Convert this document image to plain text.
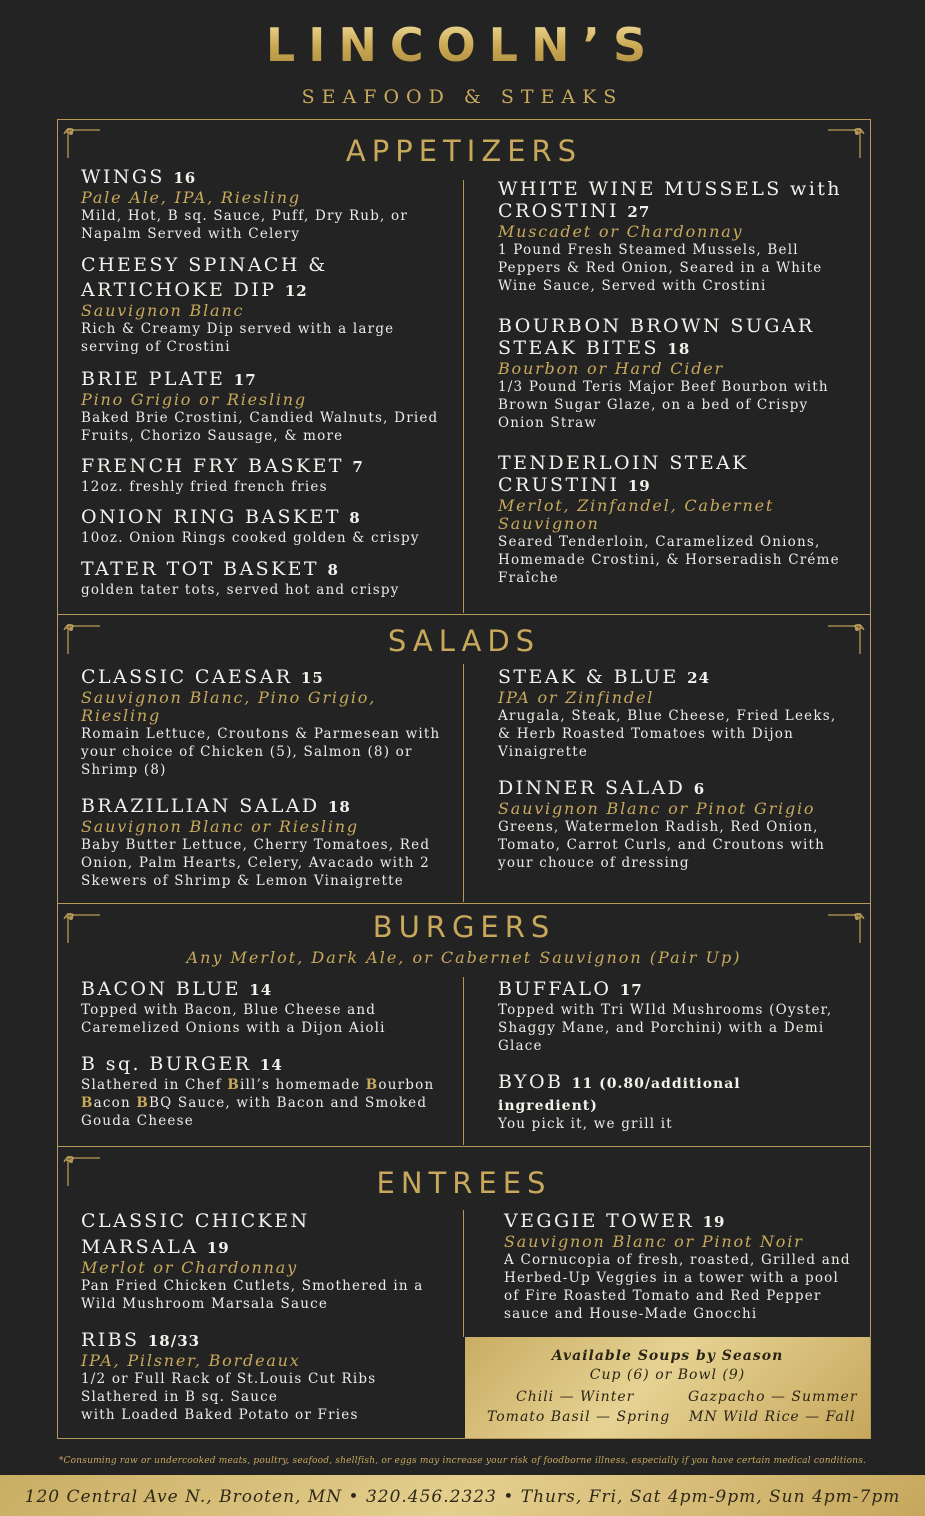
LINCOLN’S
SEAFOOD & STEAKS
APPETIZERS
SALADS
BURGERS
Any Merlot, Dark Ale, or Cabernet Sauvignon (Pair Up)
ENTREES
WINGS 16
Pale Ale, IPA, Riesling
Mild, Hot, B sq. Sauce, Puff, Dry Rub, or Napalm Served with Celery
CHEESY SPINACH &
ARTICHOKE DIP 12
Sauvignon Blanc
Rich & Creamy Dip served with a large serving of Crostini
BRIE PLATE 17
Pino Grigio or Riesling
Baked Brie Crostini, Candied Walnuts, Dried Fruits, Chorizo Sausage, & more
FRENCH FRY BASKET 7
12oz. freshly fried french fries
ONION RING BASKET 8
10oz. Onion Rings cooked golden & crispy
TATER TOT BASKET 8
golden tater tots, served hot and crispy
WHITE WINE MUSSELS with
CROSTINI 27
Muscadet or Chardonnay
1 Pound Fresh Steamed Mussels, Bell Peppers & Red Onion, Seared in a White Wine Sauce, Served with Crostini
BOURBON BROWN SUGAR
STEAK BITES 18
Bourbon or Hard Cider
1/3 Pound Teris Major Beef Bourbon with Brown Sugar Glaze, on a bed of Crispy Onion Straw
TENDERLOIN STEAK
CRUSTINI 19
Merlot, Zinfandel, Cabernet
Sauvignon
Seared Tenderloin, Caramelized Onions, Homemade Crostini, & Horseradish Créme Fraîche
CLASSIC CAESAR 15
Sauvignon Blanc, Pino Grigio,
Riesling
Romain Lettuce, Croutons & Parmesean with your choice of Chicken (5), Salmon (8) or Shrimp (8)
BRAZILLIAN SALAD 18
Sauvignon Blanc or Riesling
Baby Butter Lettuce, Cherry Tomatoes, Red Onion, Palm Hearts, Celery, Avacado with 2 Skewers of Shrimp & Lemon Vinaigrette
STEAK & BLUE 24
IPA or Zinfindel
Arugala, Steak, Blue Cheese, Fried Leeks, & Herb Roasted Tomatoes with Dijon Vinaigrette
DINNER SALAD 6
Sauvignon Blanc or Pinot Grigio
Greens, Watermelon Radish, Red Onion, Tomato, Carrot Curls, and Croutons with your chouce of dressing
BACON BLUE 14
Topped with Bacon, Blue Cheese and Caremelized Onions with a Dijon Aioli
B sq. BURGER 14
Slathered in Chef Bill’s homemade Bourbon Bacon BBQ Sauce, with Bacon and Smoked Gouda Cheese
BUFFALO 17
Topped with Tri WIld Mushrooms (Oyster, Shaggy Mane, and Porchini) with a Demi Glace
BYOB 11 (0.80/additional ingredient)
You pick it, we grill it
CLASSIC CHICKEN
MARSALA 19
Merlot or Chardonnay
Pan Fried Chicken Cutlets, Smothered in a Wild Mushroom Marsala Sauce
RIBS 18/33
IPA, Pilsner, Bordeaux
1/2 or Full Rack of St.Louis Cut Ribs
Slathered in B sq. Sauce
with Loaded Baked Potato or Fries
VEGGIE TOWER 19
Sauvignon Blanc or Pinot Noir
A Cornucopia of fresh, roasted, Grilled and Herbed-Up Veggies in a tower with a pool of Fire Roasted Tomato and Red Pepper sauce and House-Made Gnocchi
Available Soups by Season
Cup (6) or Bowl (9)
Chili — Winter	Gazpacho — Summer
Tomato Basil — Spring MN Wild Rice — Fall
*Consuming raw or undercooked meats, poultry, seafood, shellfish, or eggs may increase your risk of foodborne illness, especially if you have certain medical conditions.
120 Central Ave N., Brooten, MN • 320.456.2323 • Thurs, Fri, Sat 4pm-9pm, Sun 4pm-7pm
